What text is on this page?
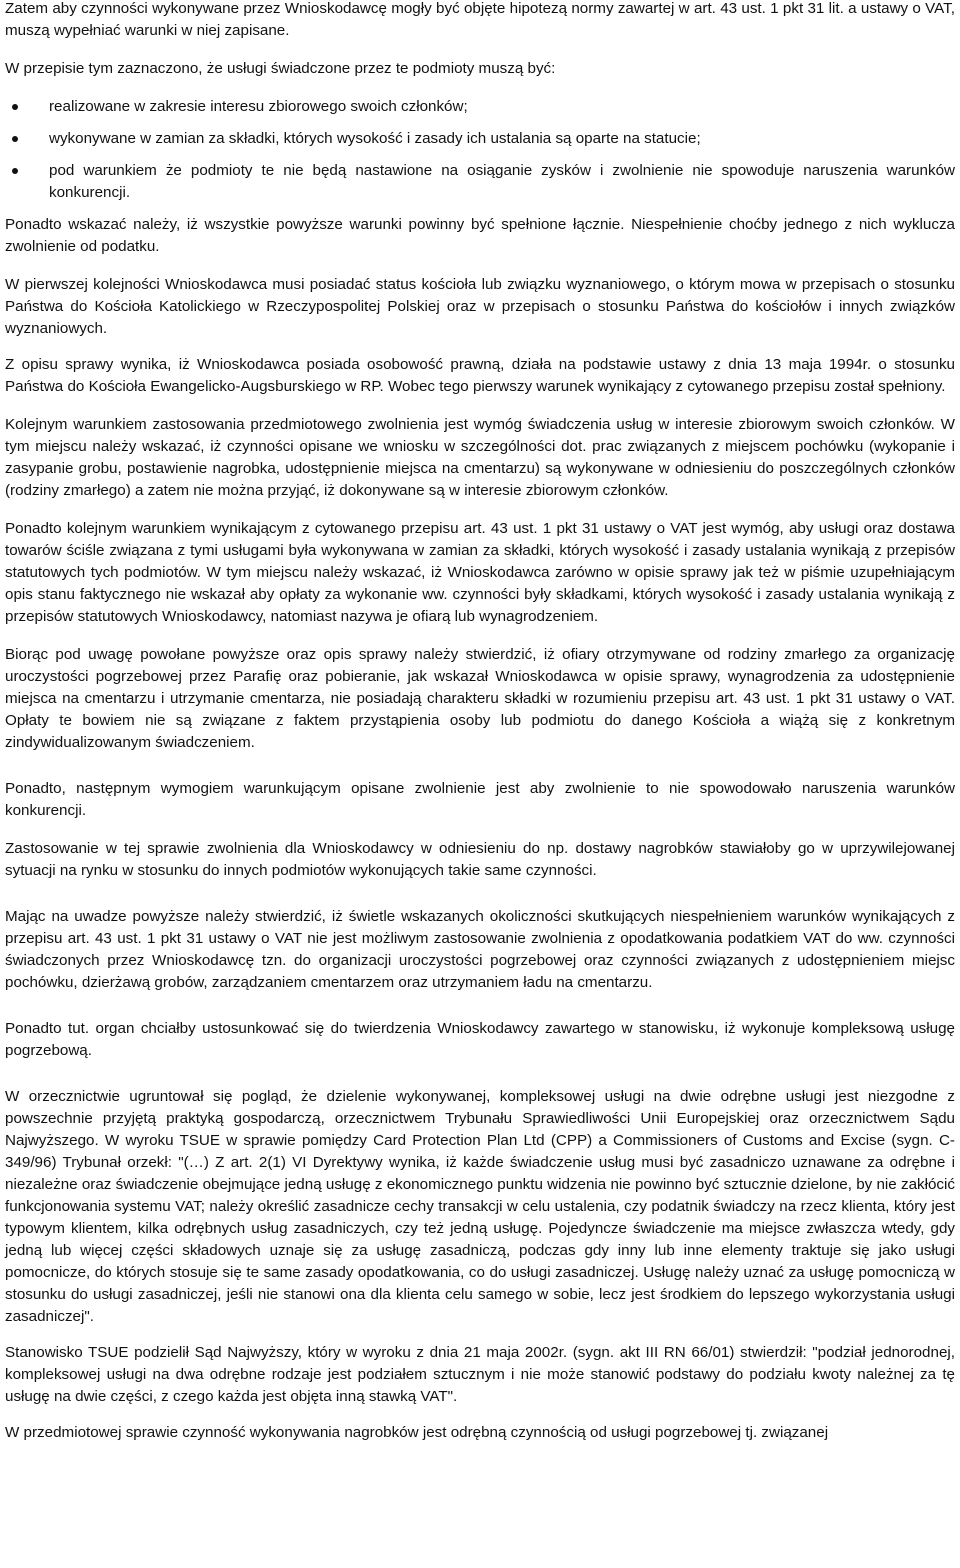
Zatem aby czynności wykonywane przez Wnioskodawcę mogły być objęte hipotezą normy zawartej w art. 43 ust. 1 pkt 31 lit. a ustawy o VAT, muszą wypełniać warunki w niej zapisane.

W przepisie tym zaznaczono, że usługi świadczone przez te podmioty muszą być:

realizowane w zakresie interesu zbiorowego swoich członków;
wykonywane w zamian za składki, których wysokość i zasady ich ustalania są oparte na statucie;
pod warunkiem że podmioty te nie będą nastawione na osiąganie zysków i zwolnienie nie spowoduje naruszenia warunków konkurencji.

Ponadto wskazać należy, iż wszystkie powyższe warunki powinny być spełnione łącznie. Niespełnienie choćby jednego z nich wyklucza zwolnienie od podatku.

W pierwszej kolejności Wnioskodawca musi posiadać status kościoła lub związku wyznaniowego, o którym mowa w przepisach o stosunku Państwa do Kościoła Katolickiego w Rzeczypospolitej Polskiej oraz w przepisach o stosunku Państwa do kościołów i innych związków wyznaniowych.

Z opisu sprawy wynika, iż Wnioskodawca posiada osobowość prawną, działa na podstawie ustawy z dnia 13 maja 1994r. o stosunku Państwa do Kościoła Ewangelicko-Augsburskiego w RP. Wobec tego pierwszy warunek wynikający z cytowanego przepisu został spełniony.

Kolejnym warunkiem zastosowania przedmiotowego zwolnienia jest wymóg świadczenia usług w interesie zbiorowym swoich członków. W tym miejscu należy wskazać, iż czynności opisane we wniosku w szczególności dot. prac związanych z miejscem pochówku (wykopanie i zasypanie grobu, postawienie nagrobka, udostępnienie miejsca na cmentarzu) są wykonywane w odniesieniu do poszczególnych członków (rodziny zmarłego) a zatem nie można przyjąć, iż dokonywane są w interesie zbiorowym członków.

Ponadto kolejnym warunkiem wynikającym z cytowanego przepisu art. 43 ust. 1 pkt 31 ustawy o VAT jest wymóg, aby usługi oraz dostawa towarów ściśle związana z tymi usługami była wykonywana w zamian za składki, których wysokość i zasady ustalania wynikają z przepisów statutowych tych podmiotów. W tym miejscu należy wskazać, iż Wnioskodawca zarówno w opisie sprawy jak też w piśmie uzupełniającym opis stanu faktycznego nie wskazał aby opłaty za wykonanie ww. czynności były składkami, których wysokość i zasady ustalania wynikają z przepisów statutowych Wnioskodawcy, natomiast nazywa je ofiarą lub wynagrodzeniem.

Biorąc pod uwagę powołane powyższe oraz opis sprawy należy stwierdzić, iż ofiary otrzymywane od rodziny zmarłego za organizację uroczystości pogrzebowej przez Parafię oraz pobieranie, jak wskazał Wnioskodawca w opisie sprawy, wynagrodzenia za udostępnienie miejsca na cmentarzu i utrzymanie cmentarza, nie posiadają charakteru składki w rozumieniu przepisu art. 43 ust. 1 pkt 31 ustawy o VAT. Opłaty te bowiem nie są związane z faktem przystąpienia osoby lub podmiotu do danego Kościoła a wiążą się z konkretnym zindywidualizowanym świadczeniem.

Ponadto, następnym wymogiem warunkującym opisane zwolnienie jest aby zwolnienie to nie spowodowało naruszenia warunków konkurencji.

Zastosowanie w tej sprawie zwolnienia dla Wnioskodawcy w odniesieniu do np. dostawy nagrobków stawiałoby go w uprzywilejowanej sytuacji na rynku w stosunku do innych podmiotów wykonujących takie same czynności.

Mając na uwadze powyższe należy stwierdzić, iż świetle wskazanych okoliczności skutkujących niespełnieniem warunków wynikających z przepisu art. 43 ust. 1 pkt 31 ustawy o VAT nie jest możliwym zastosowanie zwolnienia z opodatkowania podatkiem VAT do ww. czynności świadczonych przez Wnioskodawcę tzn. do organizacji uroczystości pogrzebowej oraz czynności związanych z udostępnieniem miejsc pochówku, dzierżawą grobów, zarządzaniem cmentarzem oraz utrzymaniem ładu na cmentarzu.

Ponadto tut. organ chciałby ustosunkować się do twierdzenia Wnioskodawcy zawartego w stanowisku, iż wykonuje kompleksową usługę pogrzebową.

W orzecznictwie ugruntował się pogląd, że dzielenie wykonywanej, kompleksowej usługi na dwie odrębne usługi jest niezgodne z powszechnie przyjętą praktyką gospodarczą, orzecznictwem Trybunału Sprawiedliwości Unii Europejskiej oraz orzecznictwem Sądu Najwyższego. W wyroku TSUE w sprawie pomiędzy Card Protection Plan Ltd (CPP) a Commissioners of Customs and Excise (sygn. C-349/96) Trybunał orzekł: "(…) Z art. 2(1) VI Dyrektywy wynika, iż każde świadczenie usług musi być zasadniczo uznawane za odrębne i niezależne oraz świadczenie obejmujące jedną usługę z ekonomicznego punktu widzenia nie powinno być sztucznie dzielone, by nie zakłócić funkcjonowania systemu VAT; należy określić zasadnicze cechy transakcji w celu ustalenia, czy podatnik świadczy na rzecz klienta, który jest typowym klientem, kilka odrębnych usług zasadniczych, czy też jedną usługę. Pojedyncze świadczenie ma miejsce zwłaszcza wtedy, gdy jedną lub więcej części składowych uznaje się za usługę zasadniczą, podczas gdy inny lub inne elementy traktuje się jako usługi pomocnicze, do których stosuje się te same zasady opodatkowania, co do usługi zasadniczej. Usługę należy uznać za usługę pomocniczą w stosunku do usługi zasadniczej, jeśli nie stanowi ona dla klienta celu samego w sobie, lecz jest środkiem do lepszego wykorzystania usługi zasadniczej".

Stanowisko TSUE podzielił Sąd Najwyższy, który w wyroku z dnia 21 maja 2002r. (sygn. akt III RN 66/01) stwierdził: "podział jednorodnej, kompleksowej usługi na dwa odrębne rodzaje jest podziałem sztucznym i nie może stanowić podstawy do podziału kwoty należnej za tę usługę na dwie części, z czego każda jest objęta inną stawką VAT".

W przedmiotowej sprawie czynność wykonywania nagrobków jest odrębną czynnością od usługi pogrzebowej tj. związanej
